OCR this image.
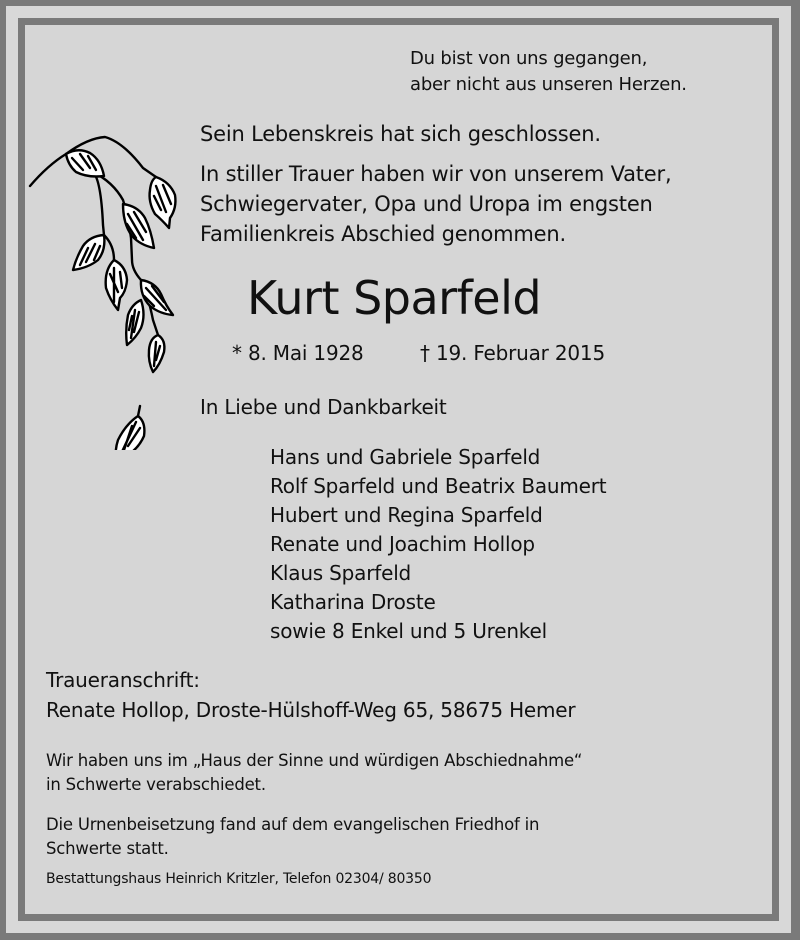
Du bist von uns gegangen,
aber nicht aus unseren Herzen.
Sein Lebenskreis hat sich geschlossen.
In stiller Trauer haben wir von unserem Vater,
Schwiegervater, Opa und Uropa im engsten
Familienkreis Abschied genommen.
Kurt Sparfeld
* 8. Mai 1928	† 19. Februar 2015
In Liebe und Dankbarkeit
Hans und Gabriele Sparfeld
Rolf Sparfeld und Beatrix Baumert
Hubert und Regina Sparfeld
Renate und Joachim Hollop
Klaus Sparfeld
Katharina Droste
sowie 8 Enkel und 5 Urenkel
Traueranschrift:
Renate Hollop, Droste-Hülshoff-Weg 65, 58675 Hemer
Wir haben uns im „Haus der Sinne und würdigen Abschiednahme“
in Schwerte verabschiedet.
Die Urnenbeisetzung fand auf dem evangelischen Friedhof in
Schwerte statt.
Bestattungshaus Heinrich Kritzler, Telefon 02304/ 80350
